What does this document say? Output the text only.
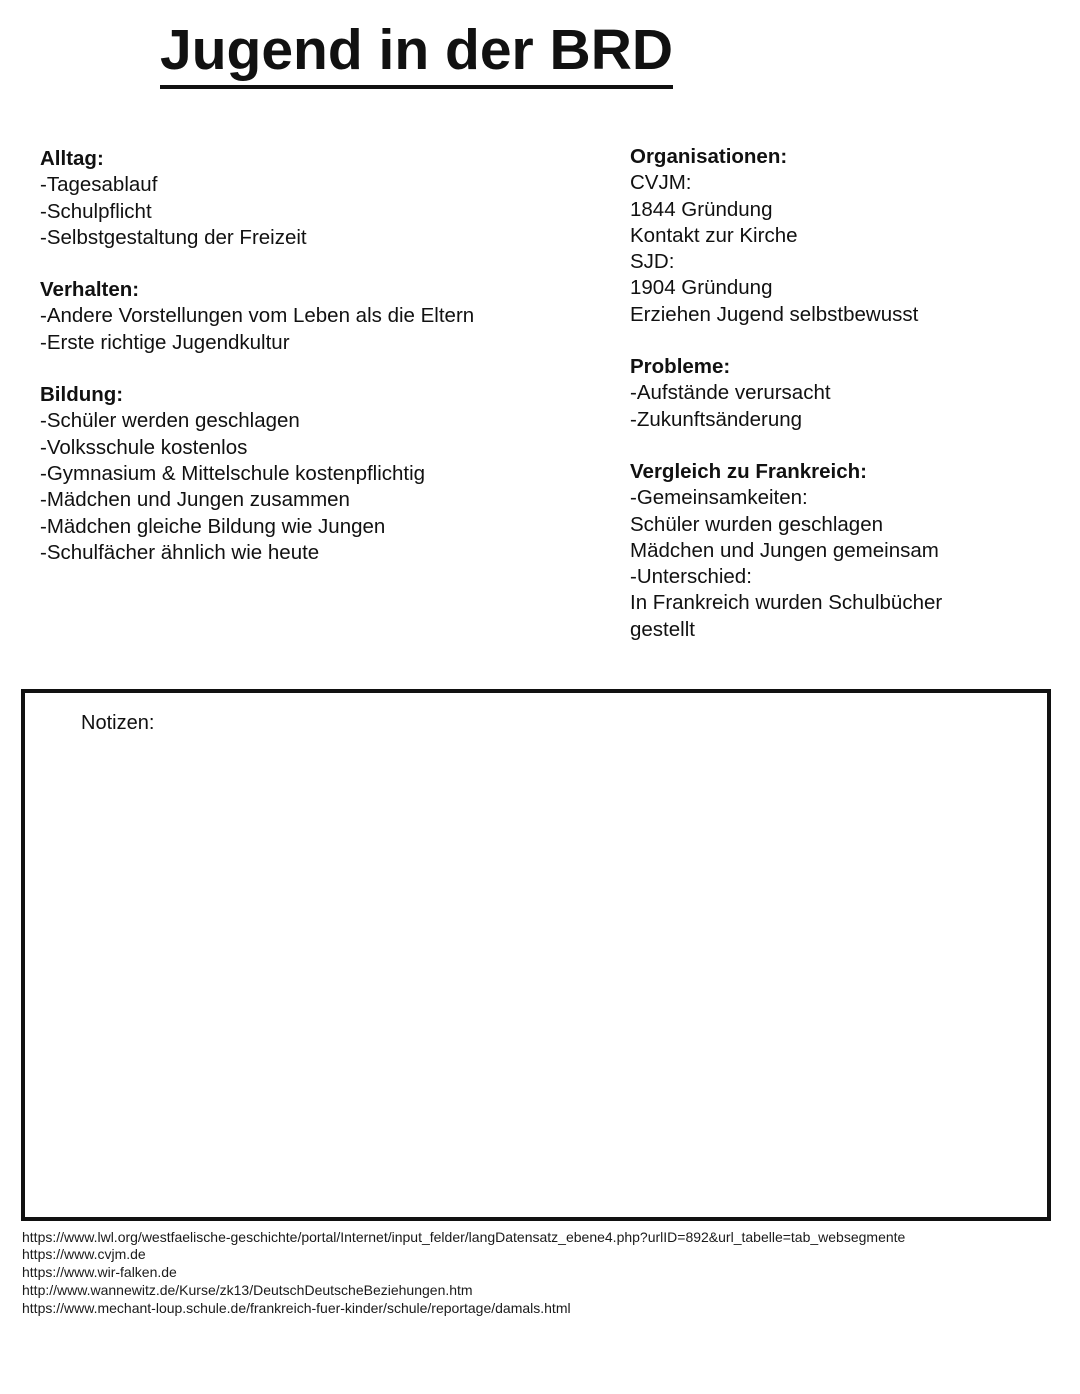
Jugend in der BRD
Alltag:

-Tagesablauf

-Schulpflicht

-Selbstgestaltung der Freizeit

Verhalten:

-Andere Vorstellungen vom Leben als die Eltern

-Erste richtige Jugendkultur

Bildung:

-Schüler werden geschlagen

-Volksschule kostenlos

-Gymnasium & Mittelschule kostenpflichtig

-Mädchen und Jungen zusammen

-Mädchen gleiche Bildung wie Jungen

-Schulfächer ähnlich wie heute

Organisationen:

CVJM:

1844 Gründung

Kontakt zur Kirche

SJD:

1904 Gründung

Erziehen Jugend selbstbewusst

Probleme:

-Aufstände verursacht

-Zukunftsänderung

Vergleich zu Frankreich:

-Gemeinsamkeiten:

Schüler wurden geschlagen

Mädchen und Jungen gemeinsam

-Unterschied:

In Frankreich wurden Schulbücher

gestellt

Notizen:
https://www.lwl.org/westfaelische-geschichte/portal/Internet/input_felder/langDatensatz_ebene4.php?urlID=892&url_tabelle=tab_websegmente
https://www.cvjm.de
https://www.wir-falken.de
http://www.wannewitz.de/Kurse/zk13/DeutschDeutscheBeziehungen.htm
https://www.mechant-loup.schule.de/frankreich-fuer-kinder/schule/reportage/damals.html
